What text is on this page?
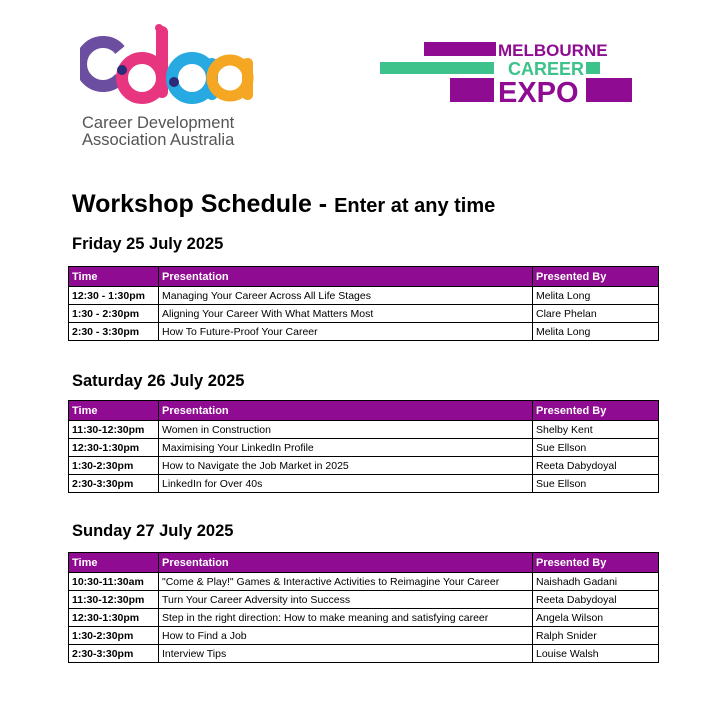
Career Development
Association Australia
MELBOURNE
CAREER
EXPO
Workshop Schedule - Enter at any time
Friday 25 July 2025
Time	Presentation	Presented By
12:30 - 1:30pm	Managing Your Career Across All Life Stages	Melita Long
1:30 - 2:30pm	Aligning Your Career With What Matters Most	Clare Phelan
2:30 - 3:30pm	How To Future-Proof Your Career	Melita Long
Saturday 26 July 2025
Time	Presentation	Presented By
11:30-12:30pm	Women in Construction	Shelby Kent
12:30-1:30pm	Maximising Your LinkedIn Profile	Sue Ellson
1:30-2:30pm	How to Navigate the Job Market in 2025	Reeta Dabydoyal
2:30-3:30pm	LinkedIn for Over 40s	Sue Ellson
Sunday 27 July 2025
Time	Presentation	Presented By
10:30-11:30am	"Come & Play!" Games & Interactive Activities to Reimagine Your Career	Naishadh Gadani
11:30-12:30pm	Turn Your Career Adversity into Success	Reeta Dabydoyal
12:30-1:30pm	Step in the right direction: How to make meaning and satisfying career	Angela Wilson
1:30-2:30pm	How to Find a Job	Ralph Snider
2:30-3:30pm	Interview Tips	Louise Walsh
